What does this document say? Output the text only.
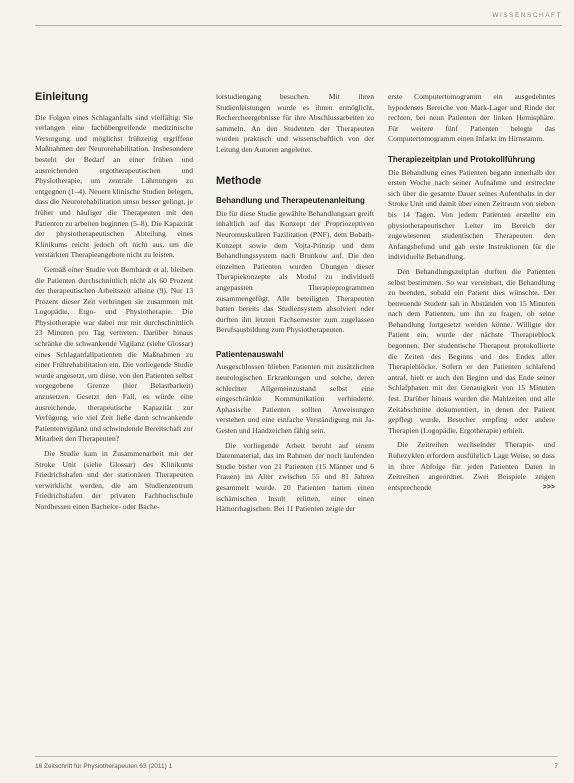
WISSENSCHAFT
Einleitung

Die Folgen eines Schlaganfalls sind vielfältig: Sie verlangen eine fachübergreifende medizinische Versorgung und möglichst frühzeitig ergriffene Maßnahmen der Neurorehabilitation. Insbesondere besteht der Bedarf an einer frühen und ausreichenden ergotherapeutischen und Physiotherapie, um zentrale Lähmungen zu entgegnen (1–4). Neuere klinische Studien belegen, dass die Neurorehabilitation umso besser gelingt, je früher und häufiger die Therapeuten mit den Patienten zu arbeiten beginnen (5–8). Die Kapazität der physiotherapeutischen Abteilung eines Klinikums reicht jedoch oft nicht aus, um die verstärkten Therapieangebote nicht zu leisten.

Gemäß einer Studie von Bernhardt et al. bleiben die Patienten durchschnittlich nicht als 60 Prozent der therapeutischen Arbeitszeit alleine (9). Nur 13 Prozent dieser Zeit verbringen sie zusammen mit Logopädie, Ergo- und Physiotherapie. Die Physiotherapie war dabei nur mit durchschnittlich 23 Minuten pro Tag vertreten. Darüber hinaus schränke die schwankende Vigilanz (siehe Glossar) eines Schlaganfallpatienten die Maßnahmen zu einer Frührehabilitation ein. Die vorliegende Studie wurde angesetzt, um diese, von den Patienten selbst vorgegebene Grenze (hier Belastbarkeit) anzusetzen. Gesetzt den Fall, es würde eine ausreichende, therapeutische Kapazität zur Verfügung, wie viel Zeit ließe dann schwankende Patientenvigilanz und schwindende Bereitschaft zur Mitarbeit den Therapeuten?

Die Studie kam in Zusammenarbeit mit der Stroke Unit (siehe Glossar) des Klinikums Friedrichshafen und der stationären Therapeuten verwirklicht werden, die am Studienzentrum Friedrichshafen der privaten Fachhochschule Nordhessen einen Bachelor- oder Bache-

lorstudiengang besuchen. Mit ihren Studienleistungen wurde es ihnen ermöglicht, Rechercheergebnisse für ihre Abschlussarbeiten zu sammeln. An den Studenten der Therapeuten wurden praktisch und wissenschaftlich von der Leitung den Autoren angeleitet.

Methode
Behandlung und Therapeutenanleitung

Die für diese Studie gewählte Behandlungsart greift inhaltlich auf das Konzept der Propriozeptiven Neuromuskulären Fazilitation (PNF), dem Bobath-Konzept sowie dem Vojta-Prinzip und dem Behandlungssystem nach Brunkow auf. Die den einzelnen Patienten wurden Übungen dieser Therapiekonzepte als Modul zu individuell angepassten Therapieprogrammen zusammengefügt. Alle beteiligten Therapeuten hatten bereits das Studiensystem absolviert oder durften ihn letzten Fachsemester zum zugelassen Berufsausbildung zum Physiotherapeuten.

Patientenauswahl

Ausgeschlossen blieben Patienten mit zusätzlichen neurologischen Erkrankungen und solche, deren schlechter Allgemeinzustand selbst eine eingeschränkte Kommunikation verhinderte. Aphasische Patienten sollten Anweisungen verstehen und eine einfache Verständigung mit Ja-Gesten und Handzeichen fähig sein.

Die vorliegende Arbeit beruht auf einem Datenmaterial, das im Rahmen der noch laufenden Studie bisher von 21 Patienten (15 Männer und 6 Frauen) im Alter zwischen 55 und 81 Jahren gesammelt wurde. 20 Patienten hatten einen ischämischen Insult erlitten, einer einen Hämorrhagischen. Bei 11 Patienten zeigte der

erste Computertomogramm ein ausgedehntes hypodenses Bereiche von Mark-Lager und Rinde der rechten, bei neun Patienten der linken Hemisphäre. Für weitere fünf Patienten belegte das Computertomogramm einen Infarkt im Hirnstamm.

Therapiezeitplan und Protokollführung

Die Behandlung eines Patienten begann innerhalb der ersten Woche nach seiner Aufnahme und erstreckte sich über die gesamte Dauer seines Aufenthalts in der Stroke Unit und damit über einen Zeitraum von sieben bis 14 Tagen. Von jedem Patienten erstellte ein physiotherapeutischer Leiter im Bereich der zugewiesenen studentischen Therapeuten den Anfangsbefund und gab erste Instruktionen für die individuelle Behandlung.

Den Behandlungszeitplan durften die Patienten selbst bestimmen. So war vereinbart, die Behandlung zu beenden, sobald ein Patient dies wünschte. Der betreuende Student sah in Abständen von 15 Minuten nach dem Patienten, um ihn zu fragen, ob seine Behandlung fortgesetzt werden könne. Willigte der Patient ein, wurde der nächste Therapieblock begonnen. Der studentische Therapeut protokollierte die Zeiten des Beginns und des Endes aller Therapieblöcke. Sofern er den Patienten schlafend antraf, hielt er auch den Beginn und das Ende seiner Schlafphasen mit der Genauigkeit von 15 Minuten fest. Darüber hinaus wurden die Mahlzeiten und alle Zeitabschnitte dokumentiert, in denen der Patient gepflegt wurde, Besucher empfing oder andere Therapien (Logopädie, Ergotherapie) erhielt.

Die Zeitreihen wechselnder Therapie- und Ruhezyklen erfordern ausführlich Lage Weise, so dass in ihrer Abfolge für jeden Patienten Daten in Zeitreihen angeordnet. Zwei Beispiele zeigen entsprechende	>>>

16 Zeitschrift für Physiotherapeuten 63 (2011) 1	7
